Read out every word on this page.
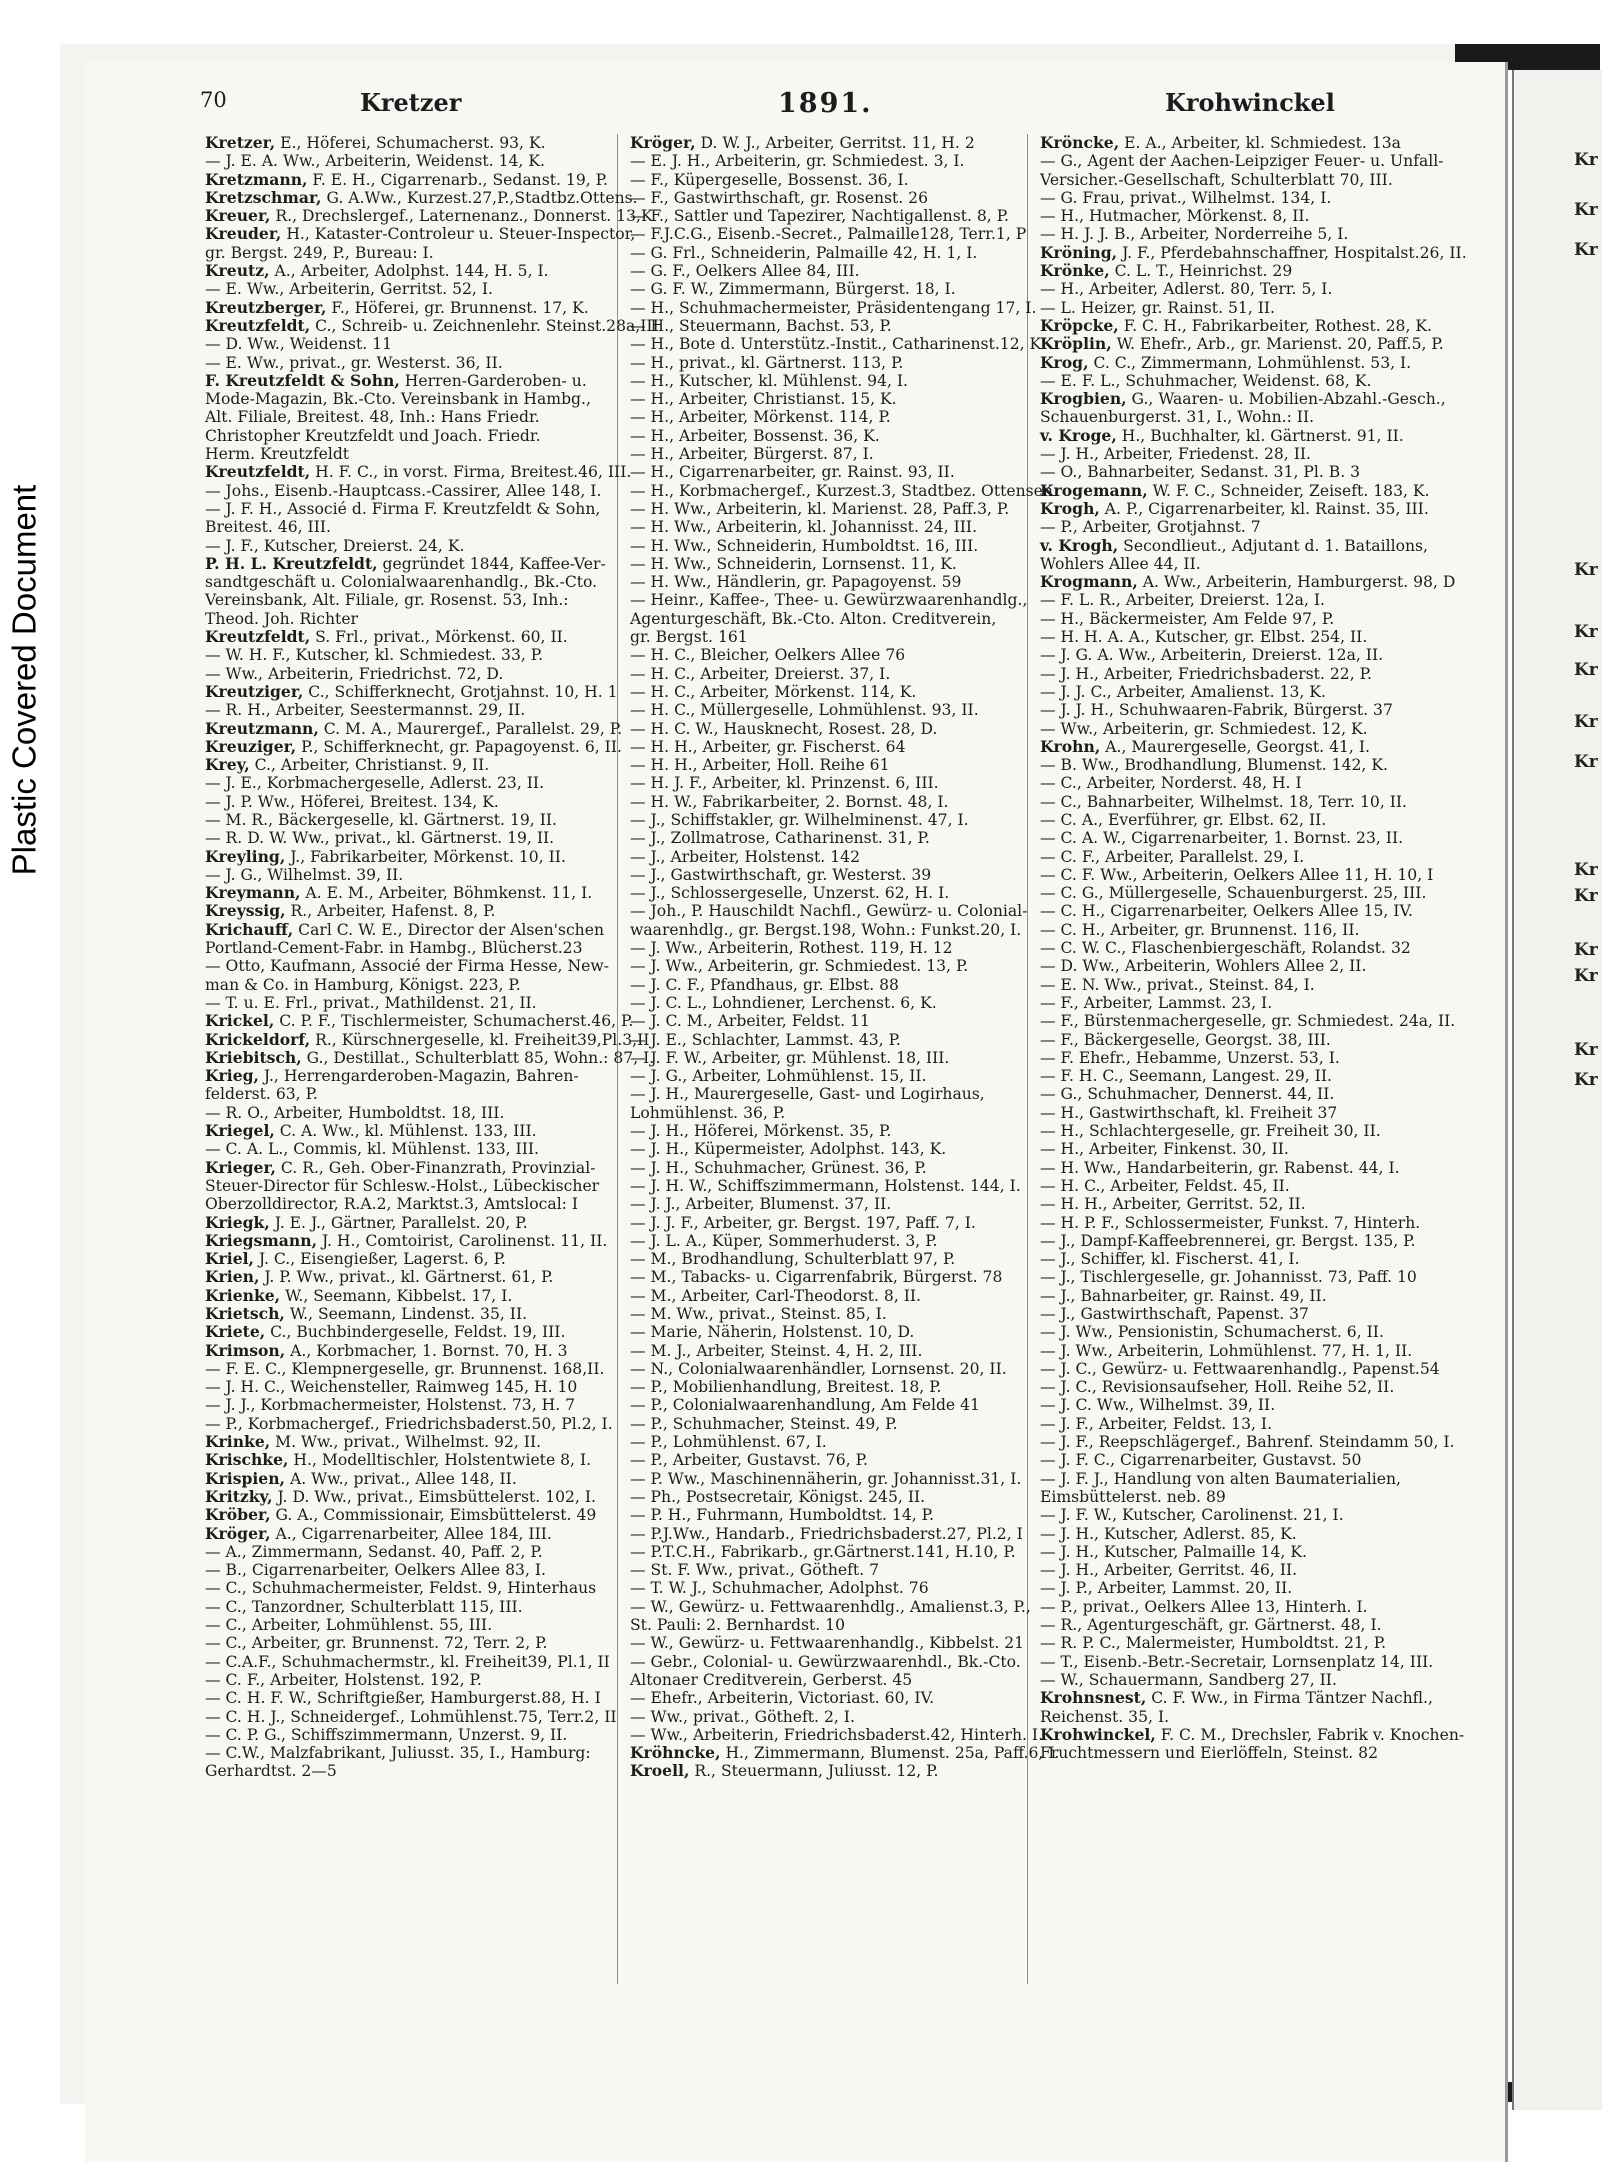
Plastic Covered Document
Kr
Kr
Kr
Kr
Kr
Kr
Kr
Kr
Kr
Kr
Kr
Kr
Kr
Kr
70	Kretzer	1891.	Krohwinckel
Kretzer, E., Höferei, Schumacherst. 93, K.
— J. E. A. Ww., Arbeiterin, Weidenst. 14, K.
Kretzmann, F. E. H., Cigarrenarb., Sedanst. 19, P.
Kretzschmar, G. A.Ww., Kurzest.27,P.,Stadtbz.Ottens.
Kreuer, R., Drechslergef., Laternenanz., Donnerst. 13,K
Kreuder, H., Kataster-Controleur u. Steuer-Inspector,
gr. Bergst. 249, P., Bureau: I.
Kreutz, A., Arbeiter, Adolphst. 144, H. 5, I.
— E. Ww., Arbeiterin, Gerritst. 52, I.
Kreutzberger, F., Höferei, gr. Brunnenst. 17, K.
Kreutzfeldt, C., Schreib- u. Zeichnenlehr. Steinst.28a,III
— D. Ww., Weidenst. 11
— E. Ww., privat., gr. Westerst. 36, II.
F. Kreutzfeldt & Sohn, Herren-Garderoben- u.
Mode-Magazin, Bk.-Cto. Vereinsbank in Hambg.,
Alt. Filiale, Breitest. 48, Inh.: Hans Friedr.
Christopher Kreutzfeldt und Joach. Friedr.
Herm. Kreutzfeldt
Kreutzfeldt, H. F. C., in vorst. Firma, Breitest.46, III.
— Johs., Eisenb.-Hauptcass.-Cassirer, Allee 148, I.
— J. F. H., Associé d. Firma F. Kreutzfeldt & Sohn,
Breitest. 46, III.
— J. F., Kutscher, Dreierst. 24, K.
P. H. L. Kreutzfeldt, gegründet 1844, Kaffee-Ver-
sandtgeschäft u. Colonialwaarenhandlg., Bk.-Cto.
Vereinsbank, Alt. Filiale, gr. Rosenst. 53, Inh.:
Theod. Joh. Richter
Kreutzfeldt, S. Frl., privat., Mörkenst. 60, II.
— W. H. F., Kutscher, kl. Schmiedest. 33, P.
— Ww., Arbeiterin, Friedrichst. 72, D.
Kreutziger, C., Schifferknecht, Grotjahnst. 10, H. 1
— R. H., Arbeiter, Seestermannst. 29, II.
Kreutzmann, C. M. A., Maurergef., Parallelst. 29, P.
Kreuziger, P., Schifferknecht, gr. Papagoyenst. 6, II.
Krey, C., Arbeiter, Christianst. 9, II.
— J. E., Korbmachergeselle, Adlerst. 23, II.
— J. P. Ww., Höferei, Breitest. 134, K.
— M. R., Bäckergeselle, kl. Gärtnerst. 19, II.
— R. D. W. Ww., privat., kl. Gärtnerst. 19, II.
Kreyling, J., Fabrikarbeiter, Mörkenst. 10, II.
— J. G., Wilhelmst. 39, II.
Kreymann, A. E. M., Arbeiter, Böhmkenst. 11, I.
Kreyssig, R., Arbeiter, Hafenst. 8, P.
Krichauff, Carl C. W. E., Director der Alsen'schen
Portland-Cement-Fabr. in Hambg., Blücherst.23
— Otto, Kaufmann, Associé der Firma Hesse, New-
man & Co. in Hamburg, Königst. 223, P.
— T. u. E. Frl., privat., Mathildenst. 21, II.
Krickel, C. P. F., Tischlermeister, Schumacherst.46, P.
Krickeldorf, R., Kürschnergeselle, kl. Freiheit39,Pl.3,II
Kriebitsch, G., Destillat., Schulterblatt 85, Wohn.: 87, I.
Krieg, J., Herrengarderoben-Magazin, Bahren-
felderst. 63, P.
— R. O., Arbeiter, Humboldtst. 18, III.
Kriegel, C. A. Ww., kl. Mühlenst. 133, III.
— C. A. L., Commis, kl. Mühlenst. 133, III.
Krieger, C. R., Geh. Ober-Finanzrath, Provinzial-
Steuer-Director für Schlesw.-Holst., Lübeckischer
Oberzolldirector, R.A.2, Marktst.3, Amtslocal: I
Kriegk, J. E. J., Gärtner, Parallelst. 20, P.
Kriegsmann, J. H., Comtoirist, Carolinenst. 11, II.
Kriel, J. C., Eisengießer, Lagerst. 6, P.
Krien, J. P. Ww., privat., kl. Gärtnerst. 61, P.
Krienke, W., Seemann, Kibbelst. 17, I.
Krietsch, W., Seemann, Lindenst. 35, II.
Kriete, C., Buchbindergeselle, Feldst. 19, III.
Krimson, A., Korbmacher, 1. Bornst. 70, H. 3
— F. E. C., Klempnergeselle, gr. Brunnenst. 168,II.
— J. H. C., Weichensteller, Raimweg 145, H. 10
— J. J., Korbmachermeister, Holstenst. 73, H. 7
— P., Korbmachergef., Friedrichsbaderst.50, Pl.2, I.
Krinke, M. Ww., privat., Wilhelmst. 92, II.
Krischke, H., Modelltischler, Holstentwiete 8, I.
Krispien, A. Ww., privat., Allee 148, II.
Kritzky, J. D. Ww., privat., Eimsbüttelerst. 102, I.
Kröber, G. A., Commissionair, Eimsbüttelerst. 49
Kröger, A., Cigarrenarbeiter, Allee 184, III.
— A., Zimmermann, Sedanst. 40, Paff. 2, P.
— B., Cigarrenarbeiter, Oelkers Allee 83, I.
— C., Schuhmachermeister, Feldst. 9, Hinterhaus
— C., Tanzordner, Schulterblatt 115, III.
— C., Arbeiter, Lohmühlenst. 55, III.
— C., Arbeiter, gr. Brunnenst. 72, Terr. 2, P.
— C.A.F., Schuhmachermstr., kl. Freiheit39, Pl.1, II
— C. F., Arbeiter, Holstenst. 192, P.
— C. H. F. W., Schriftgießer, Hamburgerst.88, H. I
— C. H. J., Schneidergef., Lohmühlenst.75, Terr.2, II
— C. P. G., Schiffszimmermann, Unzerst. 9, II.
— C.W., Malzfabrikant, Juliusst. 35, I., Hamburg:
Gerhardtst. 2—5
Kröger, D. W. J., Arbeiter, Gerritst. 11, H. 2
— E. J. H., Arbeiterin, gr. Schmiedest. 3, I.
— F., Küpergeselle, Bossenst. 36, I.
— F., Gastwirthschaft, gr. Rosenst. 26
— F., Sattler und Tapezirer, Nachtigallenst. 8, P.
— F.J.C.G., Eisenb.-Secret., Palmaille128, Terr.1, P
— G. Frl., Schneiderin, Palmaille 42, H. 1, I.
— G. F., Oelkers Allee 84, III.
— G. F. W., Zimmermann, Bürgerst. 18, I.
— H., Schuhmachermeister, Präsidentengang 17, I.
— H., Steuermann, Bachst. 53, P.
— H., Bote d. Unterstütz.-Instit., Catharinenst.12, K
— H., privat., kl. Gärtnerst. 113, P.
— H., Kutscher, kl. Mühlenst. 94, I.
— H., Arbeiter, Christianst. 15, K.
— H., Arbeiter, Mörkenst. 114, P.
— H., Arbeiter, Bossenst. 36, K.
— H., Arbeiter, Bürgerst. 87, I.
— H., Cigarrenarbeiter, gr. Rainst. 93, II.
— H., Korbmachergef., Kurzest.3, Stadtbez. Ottensen
— H. Ww., Arbeiterin, kl. Marienst. 28, Paff.3, P.
— H. Ww., Arbeiterin, kl. Johannisst. 24, III.
— H. Ww., Schneiderin, Humboldtst. 16, III.
— H. Ww., Schneiderin, Lornsenst. 11, K.
— H. Ww., Händlerin, gr. Papagoyenst. 59
— Heinr., Kaffee-, Thee- u. Gewürzwaarenhandlg.,
Agenturgeschäft, Bk.-Cto. Alton. Creditverein,
gr. Bergst. 161
— H. C., Bleicher, Oelkers Allee 76
— H. C., Arbeiter, Dreierst. 37, I.
— H. C., Arbeiter, Mörkenst. 114, K.
— H. C., Müllergeselle, Lohmühlenst. 93, II.
— H. C. W., Hausknecht, Rosest. 28, D.
— H. H., Arbeiter, gr. Fischerst. 64
— H. H., Arbeiter, Holl. Reihe 61
— H. J. F., Arbeiter, kl. Prinzenst. 6, III.
— H. W., Fabrikarbeiter, 2. Bornst. 48, I.
— J., Schiffstakler, gr. Wilhelminenst. 47, I.
— J., Zollmatrose, Catharinenst. 31, P.
— J., Arbeiter, Holstenst. 142
— J., Gastwirthschaft, gr. Westerst. 39
— J., Schlossergeselle, Unzerst. 62, H. I.
— Joh., P. Hauschildt Nachfl., Gewürz- u. Colonial-
waarenhdlg., gr. Bergst.198, Wohn.: Funkst.20, I.
— J. Ww., Arbeiterin, Rothest. 119, H. 12
— J. Ww., Arbeiterin, gr. Schmiedest. 13, P.
— J. C. F., Pfandhaus, gr. Elbst. 88
— J. C. L., Lohndiener, Lerchenst. 6, K.
— J. C. M., Arbeiter, Feldst. 11
— J. E., Schlachter, Lammst. 43, P.
— J. F. W., Arbeiter, gr. Mühlenst. 18, III.
— J. G., Arbeiter, Lohmühlenst. 15, II.
— J. H., Maurergeselle, Gast- und Logirhaus,
Lohmühlenst. 36, P.
— J. H., Höferei, Mörkenst. 35, P.
— J. H., Küpermeister, Adolphst. 143, K.
— J. H., Schuhmacher, Grünest. 36, P.
— J. H. W., Schiffszimmermann, Holstenst. 144, I.
— J. J., Arbeiter, Blumenst. 37, II.
— J. J. F., Arbeiter, gr. Bergst. 197, Paff. 7, I.
— J. L. A., Küper, Sommerhuderst. 3, P.
— M., Brodhandlung, Schulterblatt 97, P.
— M., Tabacks- u. Cigarrenfabrik, Bürgerst. 78
— M., Arbeiter, Carl-Theodorst. 8, II.
— M. Ww., privat., Steinst. 85, I.
— Marie, Näherin, Holstenst. 10, D.
— M. J., Arbeiter, Steinst. 4, H. 2, III.
— N., Colonialwaarenhändler, Lornsenst. 20, II.
— P., Mobilienhandlung, Breitest. 18, P.
— P., Colonialwaarenhandlung, Am Felde 41
— P., Schuhmacher, Steinst. 49, P.
— P., Lohmühlenst. 67, I.
— P., Arbeiter, Gustavst. 76, P.
— P. Ww., Maschinennäherin, gr. Johannisst.31, I.
— Ph., Postsecretair, Königst. 245, II.
— P. H., Fuhrmann, Humboldtst. 14, P.
— P.J.Ww., Handarb., Friedrichsbaderst.27, Pl.2, I
— P.T.C.H., Fabrikarb., gr.Gärtnerst.141, H.10, P.
— St. F. Ww., privat., Götheft. 7
— T. W. J., Schuhmacher, Adolphst. 76
— W., Gewürz- u. Fettwaarenhdlg., Amalienst.3, P.,
St. Pauli: 2. Bernhardst. 10
— W., Gewürz- u. Fettwaarenhandlg., Kibbelst. 21
— Gebr., Colonial- u. Gewürzwaarenhdl., Bk.-Cto.
Altonaer Creditverein, Gerberst. 45
— Ehefr., Arbeiterin, Victoriast. 60, IV.
— Ww., privat., Götheft. 2, I.
— Ww., Arbeiterin, Friedrichsbaderst.42, Hinterh. I.
Kröhncke, H., Zimmermann, Blumenst. 25a, Paff.6, I.
Kroell, R., Steuermann, Juliusst. 12, P.
Kröncke, E. A., Arbeiter, kl. Schmiedest. 13a
— G., Agent der Aachen-Leipziger Feuer- u. Unfall-
Versicher.-Gesellschaft, Schulterblatt 70, III.
— G. Frau, privat., Wilhelmst. 134, I.
— H., Hutmacher, Mörkenst. 8, II.
— H. J. J. B., Arbeiter, Norderreihe 5, I.
Kröning, J. F., Pferdebahnschaffner, Hospitalst.26, II.
Krönke, C. L. T., Heinrichst. 29
— H., Arbeiter, Adlerst. 80, Terr. 5, I.
— L. Heizer, gr. Rainst. 51, II.
Kröpcke, F. C. H., Fabrikarbeiter, Rothest. 28, K.
Kröplin, W. Ehefr., Arb., gr. Marienst. 20, Paff.5, P.
Krog, C. C., Zimmermann, Lohmühlenst. 53, I.
— E. F. L., Schuhmacher, Weidenst. 68, K.
Krogbien, G., Waaren- u. Mobilien-Abzahl.-Gesch.,
Schauenburgerst. 31, I., Wohn.: II.
v. Kroge, H., Buchhalter, kl. Gärtnerst. 91, II.
— J. H., Arbeiter, Friedenst. 28, II.
— O., Bahnarbeiter, Sedanst. 31, Pl. B. 3
Krogemann, W. F. C., Schneider, Zeiseft. 183, K.
Krogh, A. P., Cigarrenarbeiter, kl. Rainst. 35, III.
— P., Arbeiter, Grotjahnst. 7
v. Krogh, Secondlieut., Adjutant d. 1. Bataillons,
Wohlers Allee 44, II.
Krogmann, A. Ww., Arbeiterin, Hamburgerst. 98, D
— F. L. R., Arbeiter, Dreierst. 12a, I.
— H., Bäckermeister, Am Felde 97, P.
— H. H. A. A., Kutscher, gr. Elbst. 254, II.
— J. G. A. Ww., Arbeiterin, Dreierst. 12a, II.
— J. H., Arbeiter, Friedrichsbaderst. 22, P.
— J. J. C., Arbeiter, Amalienst. 13, K.
— J. J. H., Schuhwaaren-Fabrik, Bürgerst. 37
— Ww., Arbeiterin, gr. Schmiedest. 12, K.
Krohn, A., Maurergeselle, Georgst. 41, I.
— B. Ww., Brodhandlung, Blumenst. 142, K.
— C., Arbeiter, Norderst. 48, H. I
— C., Bahnarbeiter, Wilhelmst. 18, Terr. 10, II.
— C. A., Everführer, gr. Elbst. 62, II.
— C. A. W., Cigarrenarbeiter, 1. Bornst. 23, II.
— C. F., Arbeiter, Parallelst. 29, I.
— C. F. Ww., Arbeiterin, Oelkers Allee 11, H. 10, I
— C. G., Müllergeselle, Schauenburgerst. 25, III.
— C. H., Cigarrenarbeiter, Oelkers Allee 15, IV.
— C. H., Arbeiter, gr. Brunnenst. 116, II.
— C. W. C., Flaschenbiergeschäft, Rolandst. 32
— D. Ww., Arbeiterin, Wohlers Allee 2, II.
— E. N. Ww., privat., Steinst. 84, I.
— F., Arbeiter, Lammst. 23, I.
— F., Bürstenmachergeselle, gr. Schmiedest. 24a, II.
— F., Bäckergeselle, Georgst. 38, III.
— F. Ehefr., Hebamme, Unzerst. 53, I.
— F. H. C., Seemann, Langest. 29, II.
— G., Schuhmacher, Dennerst. 44, II.
— H., Gastwirthschaft, kl. Freiheit 37
— H., Schlachtergeselle, gr. Freiheit 30, II.
— H., Arbeiter, Finkenst. 30, II.
— H. Ww., Handarbeiterin, gr. Rabenst. 44, I.
— H. C., Arbeiter, Feldst. 45, II.
— H. H., Arbeiter, Gerritst. 52, II.
— H. P. F., Schlossermeister, Funkst. 7, Hinterh.
— J., Dampf-Kaffeebrennerei, gr. Bergst. 135, P.
— J., Schiffer, kl. Fischerst. 41, I.
— J., Tischlergeselle, gr. Johannisst. 73, Paff. 10
— J., Bahnarbeiter, gr. Rainst. 49, II.
— J., Gastwirthschaft, Papenst. 37
— J. Ww., Pensionistin, Schumacherst. 6, II.
— J. Ww., Arbeiterin, Lohmühlenst. 77, H. 1, II.
— J. C., Gewürz- u. Fettwaarenhandlg., Papenst.54
— J. C., Revisionsaufseher, Holl. Reihe 52, II.
— J. C. Ww., Wilhelmst. 39, II.
— J. F., Arbeiter, Feldst. 13, I.
— J. F., Reepschlägergef., Bahrenf. Steindamm 50, I.
— J. F. C., Cigarrenarbeiter, Gustavst. 50
— J. F. J., Handlung von alten Baumaterialien,
Eimsbüttelerst. neb. 89
— J. F. W., Kutscher, Carolinenst. 21, I.
— J. H., Kutscher, Adlerst. 85, K.
— J. H., Kutscher, Palmaille 14, K.
— J. H., Arbeiter, Gerritst. 46, II.
— J. P., Arbeiter, Lammst. 20, II.
— P., privat., Oelkers Allee 13, Hinterh. I.
— R., Agenturgeschäft, gr. Gärtnerst. 48, I.
— R. P. C., Malermeister, Humboldtst. 21, P.
— T., Eisenb.-Betr.-Secretair, Lornsenplatz 14, III.
— W., Schauermann, Sandberg 27, II.
Krohnsnest, C. F. Ww., in Firma Täntzer Nachfl.,
Reichenst. 35, I.
Krohwinckel, F. C. M., Drechsler, Fabrik v. Knochen-
Fruchtmessern und Eierlöffeln, Steinst. 82
